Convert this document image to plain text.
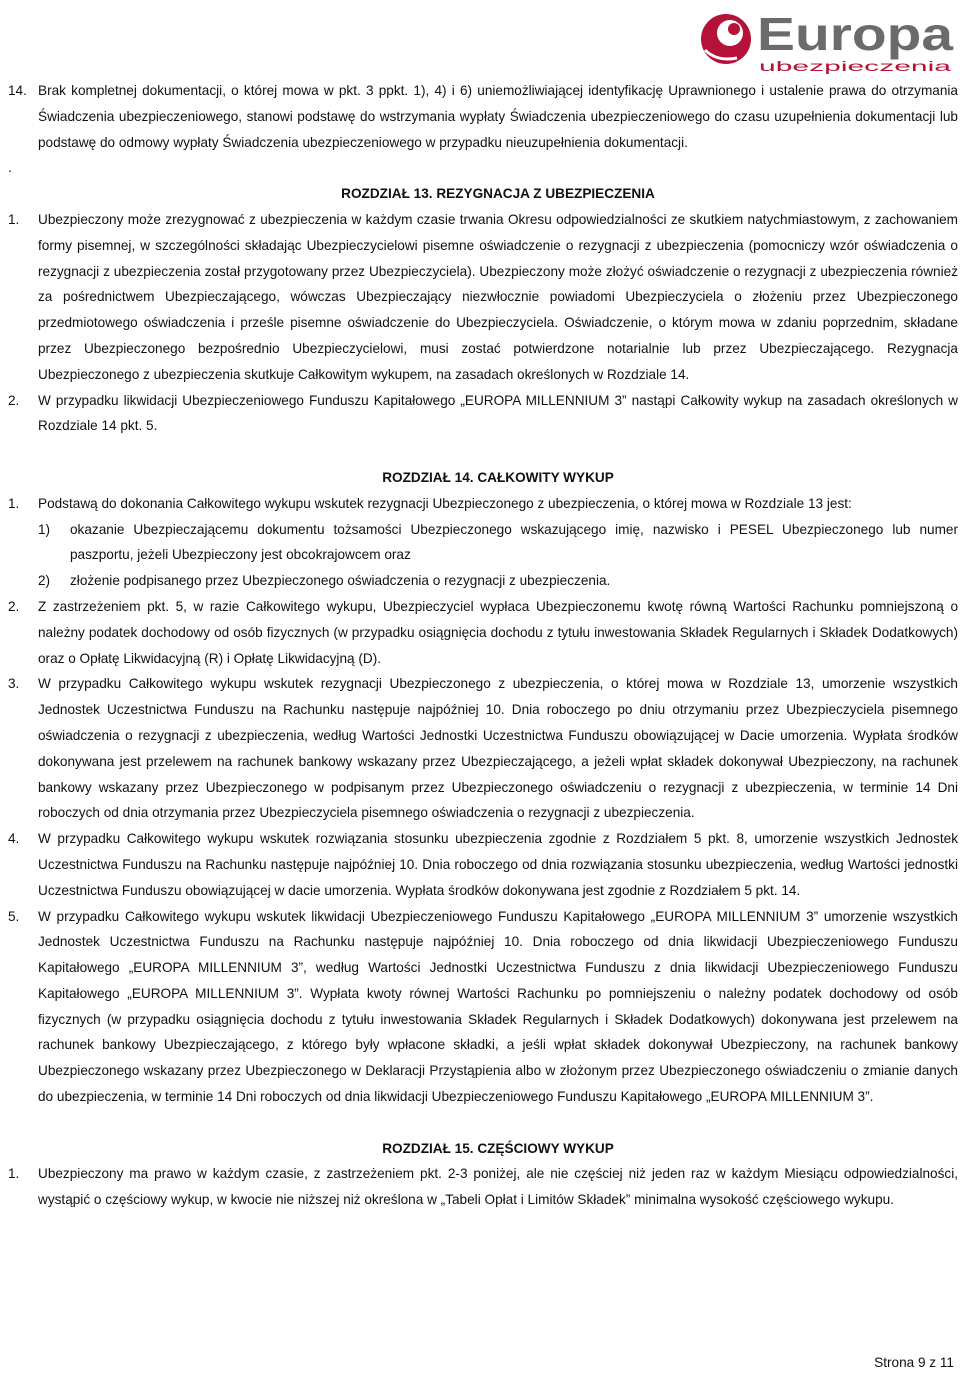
Europa
ubezpieczenia
14. Brak kompletnej dokumentacji, o której mowa w pkt. 3 ppkt. 1), 4) i 6) uniemożliwiającej identyfikację Uprawnionego i ustalenie prawa do otrzymania Świadczenia ubezpieczeniowego, stanowi podstawę do wstrzymania wypłaty Świadczenia ubezpieczeniowego do czasu uzupełnienia dokumentacji lub podstawę do odmowy wypłaty Świadczenia ubezpieczeniowego w przypadku nieuzupełnienia dokumentacji.
.
ROZDZIAŁ 13. REZYGNACJA Z UBEZPIECZENIA
1. Ubezpieczony może zrezygnować z ubezpieczenia w każdym czasie trwania Okresu odpowiedzialności ze skutkiem natychmiastowym, z zachowaniem formy pisemnej, w szczególności składając Ubezpieczycielowi pisemne oświadczenie o rezygnacji z ubezpieczenia (pomocniczy wzór oświadczenia o rezygnacji z ubezpieczenia został przygotowany przez Ubezpieczyciela). Ubezpieczony może złożyć oświadczenie o rezygnacji z ubezpieczenia również za pośrednictwem Ubezpieczającego, wówczas Ubezpieczający niezwłocznie powiadomi Ubezpieczyciela o złożeniu przez Ubezpieczonego przedmiotowego oświadczenia i prześle pisemne oświadczenie do Ubezpieczyciela. Oświadczenie, o którym mowa w zdaniu poprzednim, składane przez Ubezpieczonego bezpośrednio Ubezpieczycielowi, musi zostać potwierdzone notarialnie lub przez Ubezpieczającego. Rezygnacja Ubezpieczonego z ubezpieczenia skutkuje Całkowitym wykupem, na zasadach określonych w Rozdziale 14.
2. W przypadku likwidacji Ubezpieczeniowego Funduszu Kapitałowego „EUROPA MILLENNIUM 3” nastąpi Całkowity wykup na zasadach określonych w Rozdziale 14 pkt. 5.
ROZDZIAŁ 14. CAŁKOWITY WYKUP
1. Podstawą do dokonania Całkowitego wykupu wskutek rezygnacji Ubezpieczonego z ubezpieczenia, o której mowa w Rozdziale 13 jest:
1) okazanie Ubezpieczającemu dokumentu tożsamości Ubezpieczonego wskazującego imię, nazwisko i PESEL Ubezpieczonego lub numer paszportu, jeżeli Ubezpieczony jest obcokrajowcem oraz
2) złożenie podpisanego przez Ubezpieczonego oświadczenia o rezygnacji z ubezpieczenia.
2. Z zastrzeżeniem pkt. 5, w razie Całkowitego wykupu, Ubezpieczyciel wypłaca Ubezpieczonemu kwotę równą Wartości Rachunku pomniejszoną o należny podatek dochodowy od osób fizycznych (w przypadku osiągnięcia dochodu z tytułu inwestowania Składek Regularnych i Składek Dodatkowych) oraz o Opłatę Likwidacyjną (R) i Opłatę Likwidacyjną (D).
3. W przypadku Całkowitego wykupu wskutek rezygnacji Ubezpieczonego z ubezpieczenia, o której mowa w Rozdziale 13, umorzenie wszystkich Jednostek Uczestnictwa Funduszu na Rachunku następuje najpóźniej 10. Dnia roboczego po dniu otrzymaniu przez Ubezpieczyciela pisemnego oświadczenia o rezygnacji z ubezpieczenia, według Wartości Jednostki Uczestnictwa Funduszu obowiązującej w Dacie umorzenia. Wypłata środków dokonywana jest przelewem na rachunek bankowy wskazany przez Ubezpieczającego, a jeżeli wpłat składek dokonywał Ubezpieczony, na rachunek bankowy wskazany przez Ubezpieczonego w podpisanym przez Ubezpieczonego oświadczeniu o rezygnacji z ubezpieczenia, w terminie 14 Dni roboczych od dnia otrzymania przez Ubezpieczyciela pisemnego oświadczenia o rezygnacji z ubezpieczenia.
4. W przypadku Całkowitego wykupu wskutek rozwiązania stosunku ubezpieczenia zgodnie z Rozdziałem 5 pkt. 8, umorzenie wszystkich Jednostek Uczestnictwa Funduszu na Rachunku następuje najpóźniej 10. Dnia roboczego od dnia rozwiązania stosunku ubezpieczenia, według Wartości jednostki Uczestnictwa Funduszu obowiązującej w dacie umorzenia. Wypłata środków dokonywana jest zgodnie z Rozdziałem 5 pkt. 14.
5. W przypadku Całkowitego wykupu wskutek likwidacji Ubezpieczeniowego Funduszu Kapitałowego „EUROPA MILLENNIUM 3” umorzenie wszystkich Jednostek Uczestnictwa Funduszu na Rachunku następuje najpóźniej 10. Dnia roboczego od dnia likwidacji Ubezpieczeniowego Funduszu Kapitałowego „EUROPA MILLENNIUM 3”, według Wartości Jednostki Uczestnictwa Funduszu z dnia likwidacji Ubezpieczeniowego Funduszu Kapitałowego „EUROPA MILLENNIUM 3”. Wypłata kwoty równej Wartości Rachunku po pomniejszeniu o należny podatek dochodowy od osób fizycznych (w przypadku osiągnięcia dochodu z tytułu inwestowania Składek Regularnych i Składek Dodatkowych) dokonywana jest przelewem na rachunek bankowy Ubezpieczającego, z którego były wpłacone składki, a jeśli wpłat składek dokonywał Ubezpieczony, na rachunek bankowy Ubezpieczonego wskazany przez Ubezpieczonego w Deklaracji Przystąpienia albo w złożonym przez Ubezpieczonego oświadczeniu o zmianie danych do ubezpieczenia, w terminie 14 Dni roboczych od dnia likwidacji Ubezpieczeniowego Funduszu Kapitałowego „EUROPA MILLENNIUM 3”.
ROZDZIAŁ 15. CZĘŚCIOWY WYKUP
1. Ubezpieczony ma prawo w każdym czasie, z zastrzeżeniem pkt. 2-3 poniżej, ale nie częściej niż jeden raz w każdym Miesiącu odpowiedzialności, wystąpić o częściowy wykup, w kwocie nie niższej niż określona w „Tabeli Opłat i Limitów Składek” minimalna wysokość częściowego wykupu.
Strona 9 z 11
